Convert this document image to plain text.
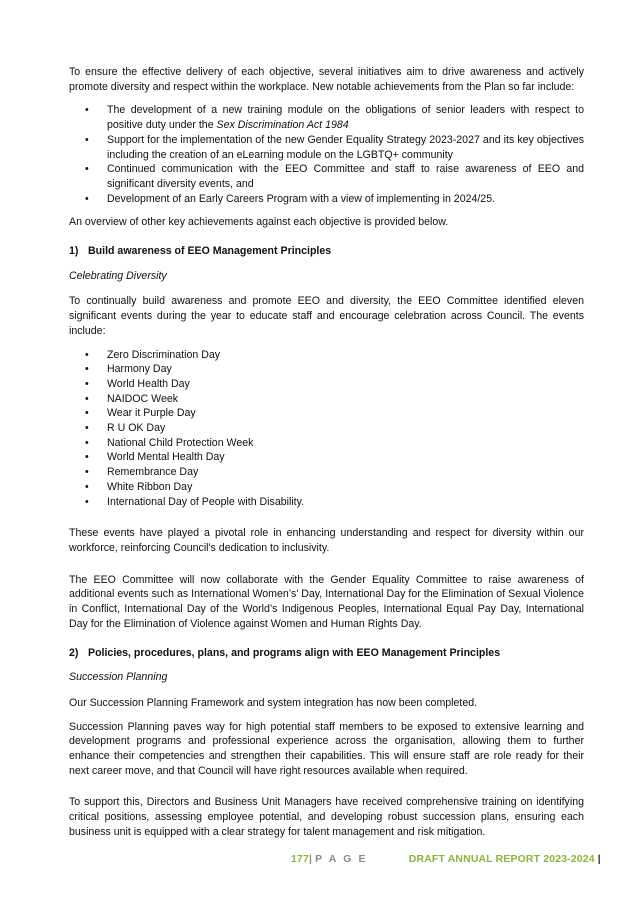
To ensure the effective delivery of each objective, several initiatives aim to drive awareness and actively promote diversity and respect within the workplace. New notable achievements from the Plan so far include:

• The development of a new training module on the obligations of senior leaders with respect to positive duty under the Sex Discrimination Act 1984
• Support for the implementation of the new Gender Equality Strategy 2023-2027 and its key objectives including the creation of an eLearning module on the LGBTQ+ community
• Continued communication with the EEO Committee and staff to raise awareness of EEO and significant diversity events, and
• Development of an Early Careers Program with a view of implementing in 2024/25.

An overview of other key achievements against each objective is provided below.

1) Build awareness of EEO Management Principles
Celebrating Diversity

To continually build awareness and promote EEO and diversity, the EEO Committee identified eleven significant events during the year to educate staff and encourage celebration across Council. The events include:

• Zero Discrimination Day
• Harmony Day
• World Health Day
• NAIDOC Week
• Wear it Purple Day
• R U OK Day
• National Child Protection Week
• World Mental Health Day
• Remembrance Day
• White Ribbon Day
• International Day of People with Disability.

These events have played a pivotal role in enhancing understanding and respect for diversity within our workforce, reinforcing Council's dedication to inclusivity.

The EEO Committee will now collaborate with the Gender Equality Committee to raise awareness of additional events such as International Women’s’ Day, International Day for the Elimination of Sexual Violence in Conflict, International Day of the World’s Indigenous Peoples, International Equal Pay Day, International Day for the Elimination of Violence against Women and Human Rights Day.

2) Policies, procedures, plans, and programs align with EEO Management Principles
Succession Planning

Our Succession Planning Framework and system integration has now been completed.

Succession Planning paves way for high potential staff members to be exposed to extensive learning and development programs and professional experience across the organisation, allowing them to further enhance their competencies and strengthen their capabilities. This will ensure staff are role ready for their next career move, and that Council will have right resources available when required.

To support this, Directors and Business Unit Managers have received comprehensive training on identifying critical positions, assessing employee potential, and developing robust succession plans, ensuring each business unit is equipped with a clear strategy for talent management and risk mitigation.

177| P A G E	DRAFT ANNUAL REPORT 2023-2024 |
